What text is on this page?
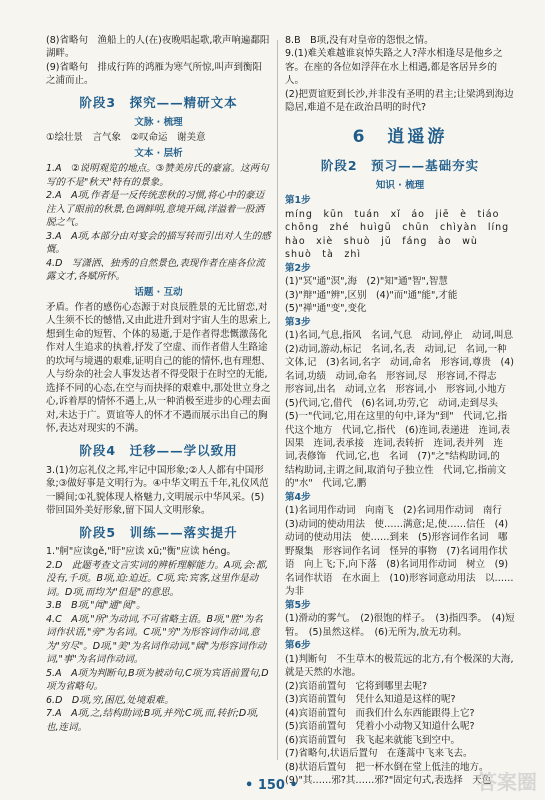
(8)省略句　渔船上的人(在)夜晚唱起歌,歌声响遍鄱阳湖畔。

(9)省略句　排成行阵的鸿雁为寒气所惊,叫声到衡阳之浦而止。

阶段3　探究——精研文本

文脉 · 梳理

①绘壮景　言气象　②叹命运　谢美意

文本 · 层析

1.A　②说明观览的地点。③赞美房氏的豪富。这两句写的不是"秋天"特有的景象。

2.A　A项,作者是一反传统悲秋的习惯,将心中的豪迈注入了眼前的秋景,色调鲜明,意境开阔,洋溢着一股洒脱之气。

3.A　A项,本部分由对宴会的描写转而引出对人生的感慨。

4.D　写潇洒、独秀的自然景色,表现作者在座各位流露文才,各赋所怀。

话题 · 互动

矛盾。作者的感伤心态源于对良辰胜景的无比留恋,对人生须不长的憾惜,又由此进升到对宇宙人生的思索上,想到生命的短暂、个体的易逝,于是作者得悲慨激荡化作对人生追求的执着,抒发了空虚、而作者借人生路途的坎坷与境遇的艰难,证明自己的能的情怀,也有理想、人与纷杂的社会人事发达者不得受限于在时空的无能,选择不同的心态,在空与而抉择的艰难中,那处世立身之心,诉着厚的情怀不遇上,从一种消极至进步的心理去面对,未达于广。贾谊等人的怀才不遇而展示出自己的胸怀,表达对现实的不满。

阶段4　迁移——学以致用

3.(1)勿忘礼仪之邦,牢记中国形象;②人人都有中国形象;③做好事是文明行为。④中华文明五千年,礼仪风范一瞬间;①礼貌体现人格魅力,文明展示中华风采。(5)带回国外美好形象,留下国人文明形象。

阶段5　训练——落实提升

1."舸"应读gě,"盱"应读 xū;"衡"应读 héng。

2.D　此题考查文言实词的辨析理解能力。A项,会:都,没有,千项。B项,迫:迫近。C项,宾:宾客,这里作是动词。D项,而均为"但是"的意思。

3.B　B项,"闻"通"阅"。

4.C　A项,"所"为动词,不可省略主语。B项,"胜"为名词作状语,"旁"为名词。C项,"穷"为形容词作动词,意为"穷尽"。D项,"美"为名词作动词,"阔"为形容词作动词,"事"为名词作动词。

5.A　A项为判断句,B项为被动句,C项为宾语前置句,D项为省略句。

6.D　D项,穷,困厄,处境艰难。

7.A　A项,之,结构助词;B项,并列;C项,而,转折;D项,也,连词。

8.B　B项,没有对皇帝的怨恨之情。

9.(1)难关难越谁哀悼失路之人?萍水相逢尽是他乡之客。在座的各位如浮萍在水上相遇,都是客居异乡的人。

(2)把贾谊贬到长沙,并非没有圣明的君主;让梁鸿到海边隐居,难道不是在政治昌明的时代?

6　逍遥游

阶段2　预习——基础夯实

知识 · 梳理

第1步

míng　kūn　tuán　xǐ　áo　jiē　è　tiáo　chōng　zhé　huìgū　chūn　chìyàn　líng　hào　xiè　shuò　jǔ　fáng　ào　wù　shuò　tà　zhì

第2步

(1)"冥"通"溟",海　(2)"知"通"智",智慧　(3)"辩"通"辨",区别　(4)"而"通"能",才能　(5)"禅"通"变",变化

第3步

(1)名词,气息,指风　名词,气息　动词,停止　动词,叫息　(2)动词,游动,标记　名词,名,表　动词,记　名词,一种文体,记　(3)名词,名字　动词,命名　形容词,尊贵　(4)名词,功绩　动词,命名　形容词,尽　形容词,不得志　形容词,出名　动词,立名　形容词,小　形容词,小地方　(5)代词,它,借代　(6)名词,功劳,它　动词,走到尽头　(5)一"代词,它,用在这里的句中,译为"到"　代词,它,指代这个地方　代词,它,指代　(6)连词,表递进　连词,表因果　连词,表承接　连词,表转折　连词,表并列　连词,表修饰　代词,它,也　名词　(7)"之"结构助词,的　结构助词,主谓之间,取消句子独立性　代词,它,指前文的"水"　代词,它,鹏

第4步

(1)名词用作动词　向南飞　(2)名词用作动词　南行　(3)动词的使动用法　使……满意;足,使……信任　(4)动词的使动用法　使……到来　(5)形容词作名词　哪野聚集　形容词作名词　怪异的事物　(7)名词用作状语　向上飞;下,向下落　(8)名词用作动词　树立　(9)名词作状语　在水面上　(10)形容词意动用法　以……为非

第5步

(1)滑动的雾气。　(2)很饱的样子。　(3)指四季。　(4)短暂。　(5)虽然这样。　(6)无所为,放无功利。

第6步

(1)判断句　不生草木的极荒远的北方,有个极深的大海,就是天然的水池。

(2)宾语前置句　它将到哪里去呢?

(3)宾语前置句　凭什么知道是这样的呢?

(4)宾语前置句　而我们什么东西能跟得上它?

(5)宾语前置句　凭着小小动物又知道什么呢?

(6)宾语前置句　我飞起来就能飞到空中。

(7)省略句,状语后置句　在蓬蒿中飞来飞去。

(8)状语后置句　把一杯水倒在堂上低洼的地方。

(9)"其……邪?其……邪?"固定句式,表选择　天色

• 150 •	答案圈
